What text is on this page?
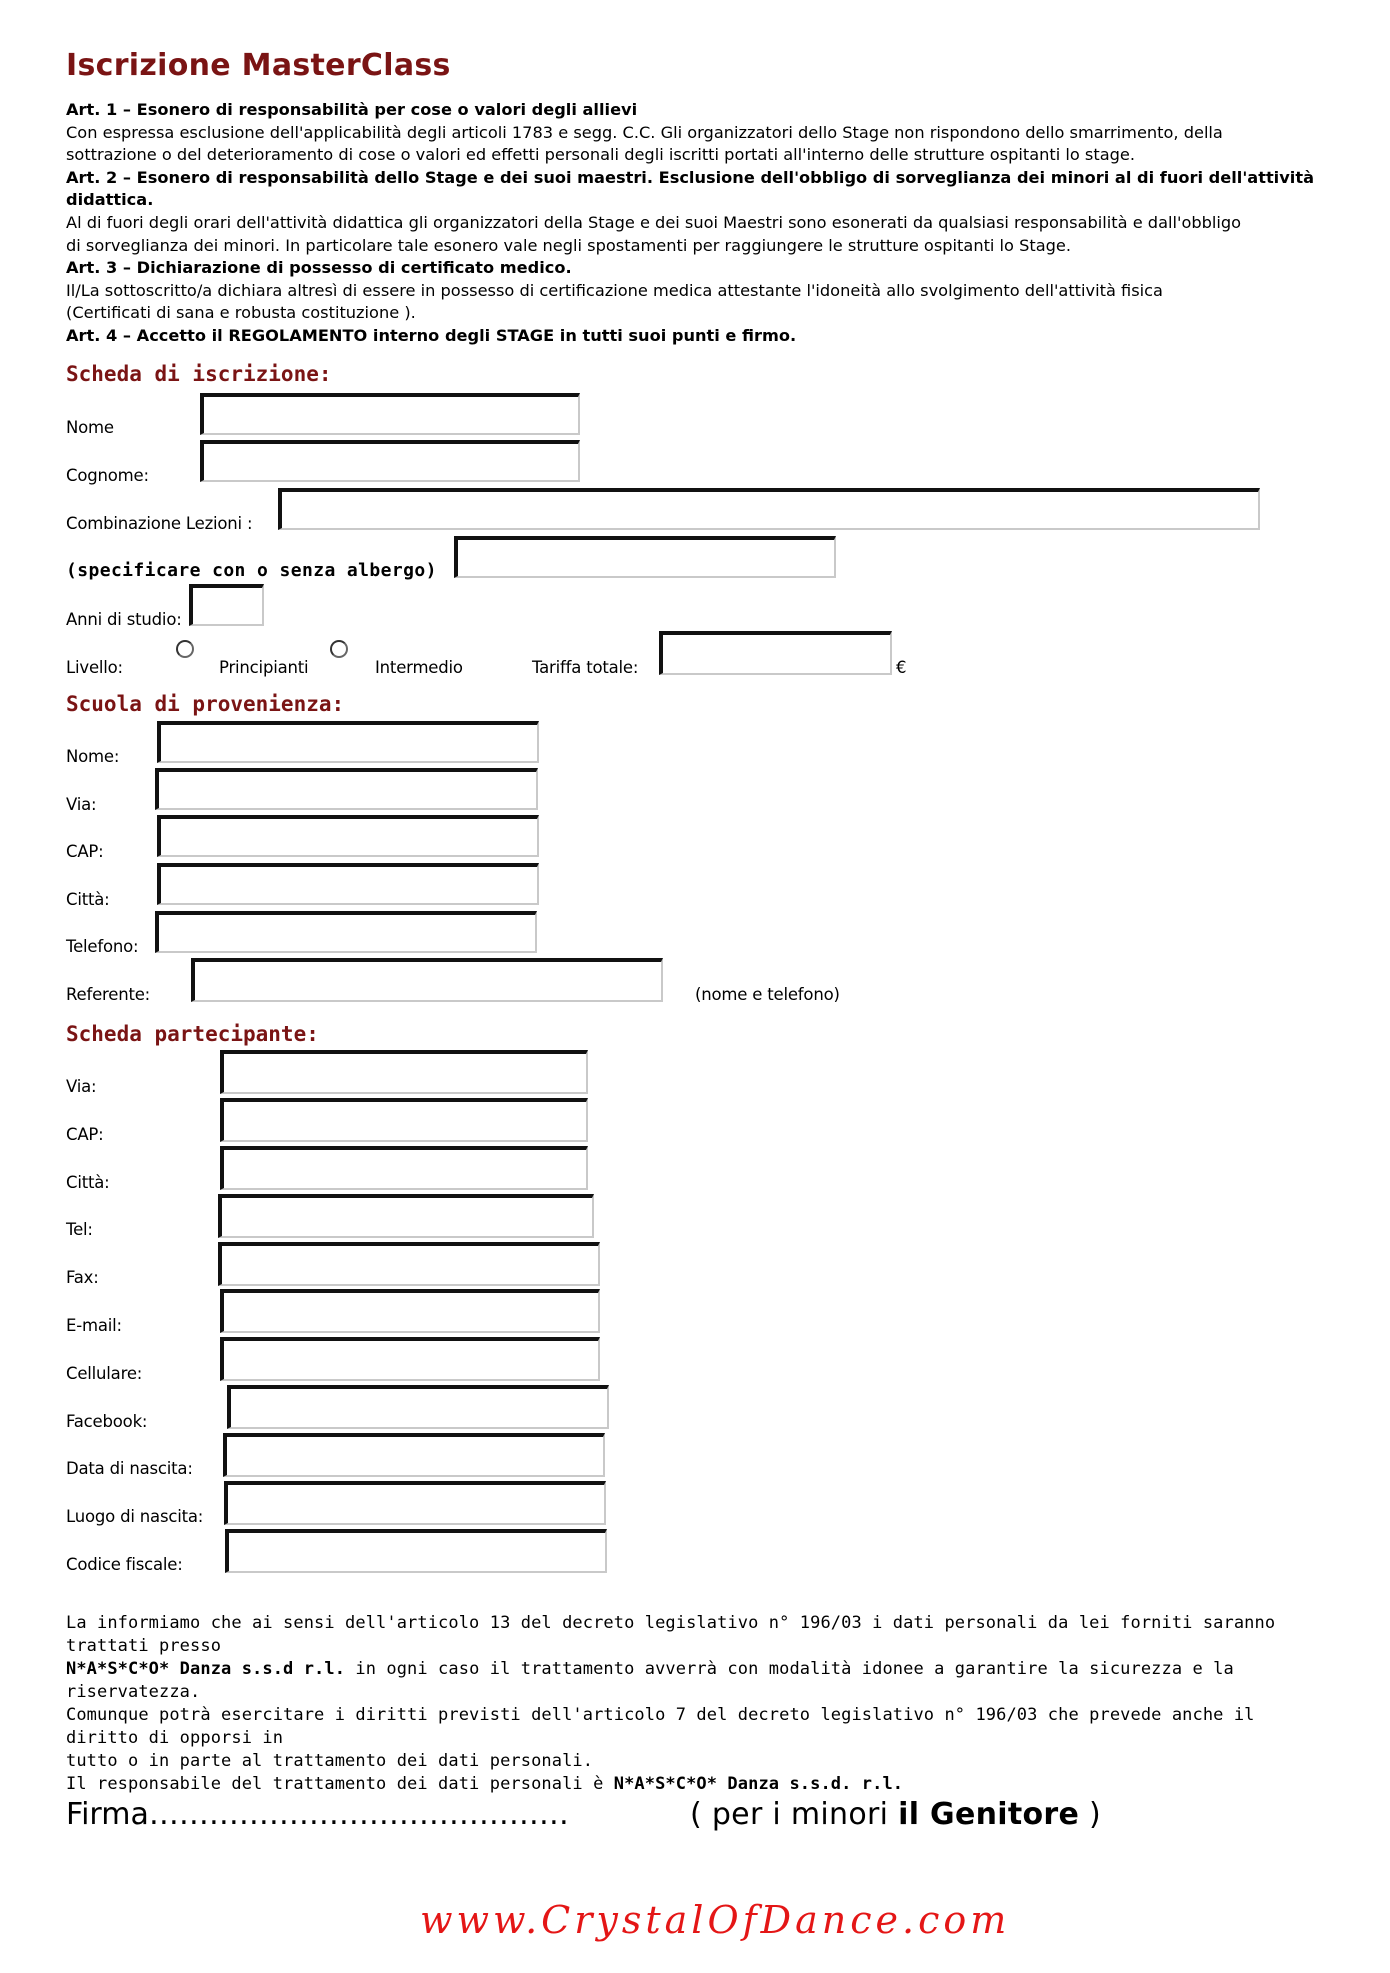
Iscrizione MasterClass

Art. 1 – Esonero di responsabilità per cose o valori degli allievi

Con espressa esclusione dell'applicabilità degli articoli 1783 e segg. C.C. Gli organizzatori dello Stage non rispondono dello smarrimento, della

sottrazione o del deterioramento di cose o valori ed effetti personali degli iscritti portati all'interno delle strutture ospitanti lo stage.

Art. 2 – Esonero di responsabilità dello Stage e dei suoi maestri. Esclusione dell'obbligo di sorveglianza dei minori al di fuori dell'attività didattica.

Al di fuori degli orari dell'attività didattica gli organizzatori della Stage e dei suoi Maestri sono esonerati da qualsiasi responsabilità e dall'obbligo

di sorveglianza dei minori. In particolare tale esonero vale negli spostamenti per raggiungere le strutture ospitanti lo Stage.

Art. 3 – Dichiarazione di possesso di certificato medico.

Il/La sottoscritto/a dichiara altresì di essere in possesso di certificazione medica attestante l'idoneità allo svolgimento dell'attività fisica

(Certificati di sana e robusta costituzione ).

Art. 4 – Accetto il REGOLAMENTO interno degli STAGE in tutti suoi punti e firmo.

Scheda di iscrizione:
Nome
Cognome:
Combinazione Lezioni :
(specificare con o senza albergo)
Anni di studio:
Livello:	Principianti	Intermedio	Tariffa totale:	€
Scuola di provenienza:
Nome:
Via:
CAP:
Città:
Telefono:
Referente:	(nome e telefono)
Scheda partecipante:
Via:
CAP:
Città:
Tel:
Fax:
E-mail:
Cellulare:
Facebook:
Data di nascita:
Luogo di nascita:
Codice fiscale:

La informiamo che ai sensi dell'articolo 13 del decreto legislativo n° 196/03 i dati personali da lei forniti saranno trattati presso

N*A*S*C*O* Danza s.s.d r.l. in ogni caso il trattamento avverrà con modalità idonee a garantire la sicurezza e la riservatezza.

Comunque potrà esercitare i diritti previsti dell'articolo 7 del decreto legislativo n° 196/03 che prevede anche il diritto di opporsi in

tutto o in parte al trattamento dei dati personali.

Il responsabile del trattamento dei dati personali è N*A*S*C*O* Danza s.s.d. r.l.

Firma……………………………………	( per i minori il Genitore )
www.CrystalOfDance.com
